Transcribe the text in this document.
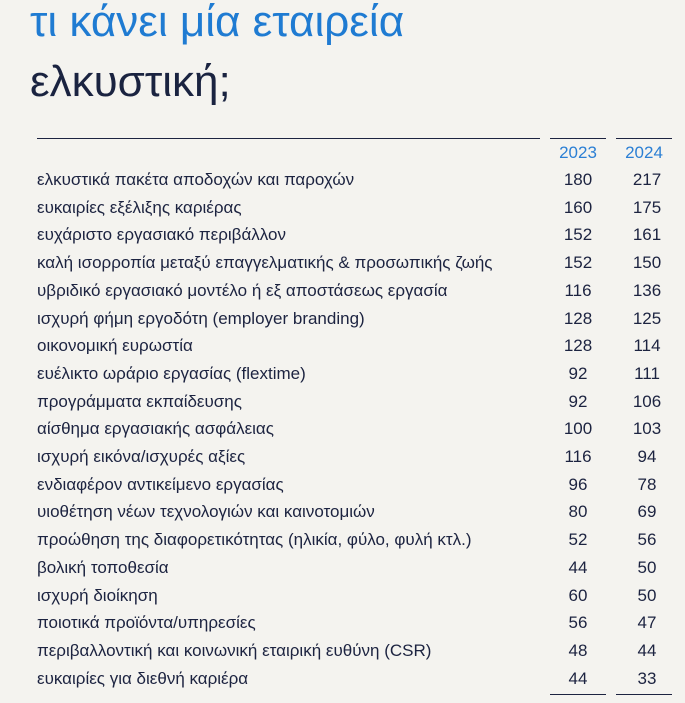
τι κάνει μία εταιρεία
ελκυστική;
2023	2024
ελκυστικά πακέτα αποδοχών και παροχών	180	217
ευκαιρίες εξέλιξης καριέρας	160	175
ευχάριστο εργασιακό περιβάλλον	152	161
καλή ισορροπία μεταξύ επαγγελματικής & προσωπικής ζωής	152	150
υβριδικό εργασιακό μοντέλο ή εξ αποστάσεως εργασία	116	136
ισχυρή φήμη εργοδότη (employer branding)	128	125
οικονομική ευρωστία	128	114
ευέλικτο ωράριο εργασίας (flextime)	92	111
προγράμματα εκπαίδευσης	92	106
αίσθημα εργασιακής ασφάλειας	100	103
ισχυρή εικόνα/ισχυρές αξίες	116	94
ενδιαφέρον αντικείμενο εργασίας	96	78
υιοθέτηση νέων τεχνολογιών και καινοτομιών	80	69
προώθηση της διαφορετικότητας (ηλικία, φύλο, φυλή κτλ.)	52	56
βολική τοποθεσία	44	50
ισχυρή διοίκηση	60	50
ποιοτικά προϊόντα/υπηρεσίες	56	47
περιβαλλοντική και κοινωνική εταιρική ευθύνη (CSR)	48	44
ευκαιρίες για διεθνή καριέρα	44	33
